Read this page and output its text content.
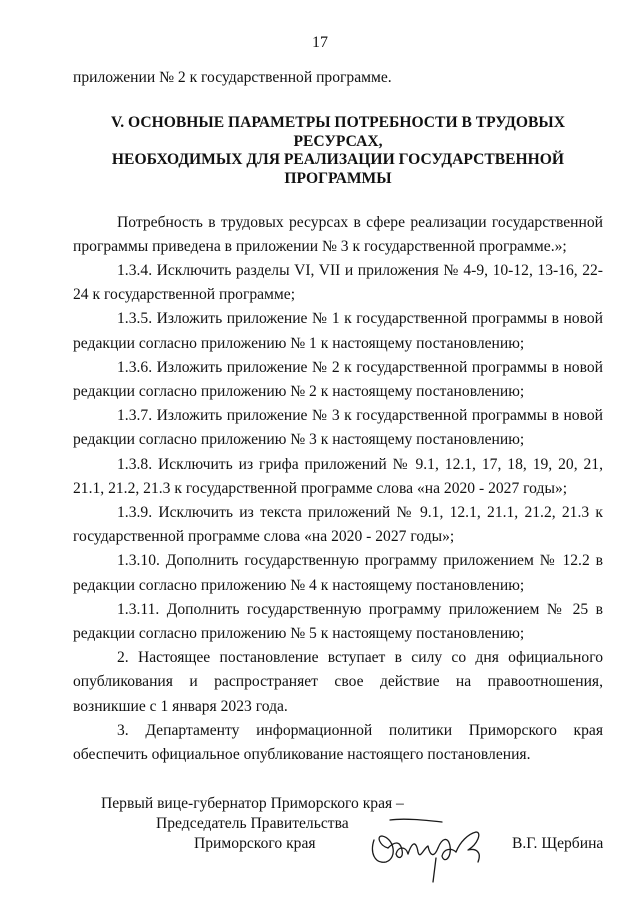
17

приложении № 2 к государственной программе.

V. ОСНОВНЫЕ ПАРАМЕТРЫ ПОТРЕБНОСТИ В ТРУДОВЫХ
РЕСУРСАХ,
НЕОБХОДИМЫХ ДЛЯ РЕАЛИЗАЦИИ ГОСУДАРСТВЕННОЙ
ПРОГРАММЫ

Потребность в трудовых ресурсах в сфере реализации государственной программы приведена в приложении № 3 к государственной программе.»;

1.3.4. Исключить разделы VI, VII и приложения № 4-9, 10-12, 13-16, 22-24 к государственной программе;

1.3.5. Изложить приложение № 1 к государственной программы в новой редакции согласно приложению № 1 к настоящему постановлению;

1.3.6. Изложить приложение № 2 к государственной программы в новой редакции согласно приложению № 2 к настоящему постановлению;

1.3.7. Изложить приложение № 3 к государственной программы в новой редакции согласно приложению № 3 к настоящему постановлению;

1.3.8. Исключить из грифа приложений № 9.1, 12.1, 17, 18, 19, 20, 21, 21.1, 21.2, 21.3 к государственной программе слова «на 2020 - 2027 годы»;

1.3.9. Исключить из текста приложений № 9.1, 12.1, 21.1, 21.2, 21.3 к государственной программе слова «на 2020 - 2027 годы»;

1.3.10. Дополнить государственную программу приложением № 12.2 в редакции согласно приложению № 4 к настоящему постановлению;

1.3.11. Дополнить государственную программу приложением № 25 в редакции согласно приложению № 5 к настоящему постановлению;

2. Настоящее постановление вступает в силу со дня официального опубликования и распространяет свое действие на правоотношения, возникшие с 1 января 2023 года.

3. Департаменту информационной политики Приморского края обеспечить официальное опубликование настоящего постановления.

Первый вице-губернатор Приморского края –
Председатель Правительства
Приморского края	В.Г. Щербина
